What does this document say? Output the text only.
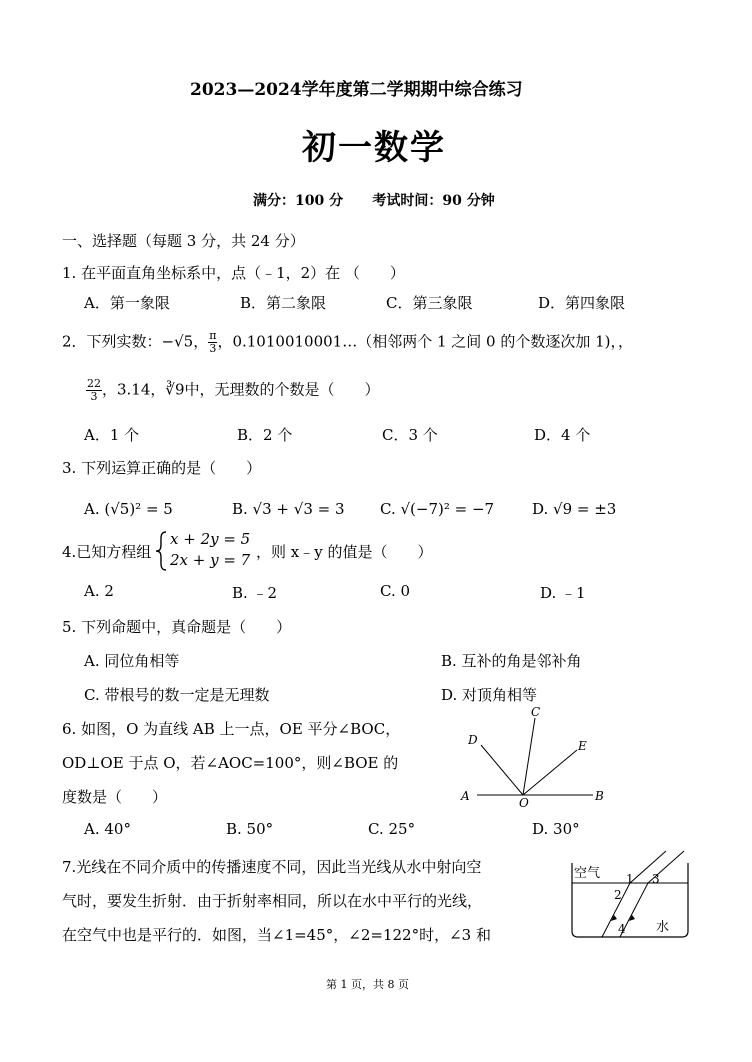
2023—2024学年度第二学期期中综合练习
初一数学
满分：100 分      考试时间：90 分钟
一、选择题（每题 3 分，共 24 分）
1. 在平面直角坐标系中，点（﹣1，2）在 （　　）
A．第一象限	B．第二象限	C．第三象限	D．第四象限
2．下列实数：−√5， $\frac{\pi}{3}$ ，0.1010010001…（相邻两个 1 之间 0 的个数逐次加 1)，，
$\frac{22}{3}$ ，3.14，∛9中，无理数的个数是（　　）
A．1 个	B．2 个	C．3 个	D．4 个
3. 下列运算正确的是（　　）
A. (√5)² = 5	B. √3 + √3 = 3 C. √(−7)² = −7	D. √9 = ±3
4.已知方程组
x + 2y = 5
2x + y = 7 ，则 x﹣y 的值是（　　）
A. 2	B. ﹣2	C. 0	D. ﹣1
5. 下列命题中，真命题是（　　）
A. 同位角相等	B. 互补的角是邻补角
C. 带根号的数一定是无理数	D. 对顶角相等
6. 如图，O 为直线 AB 上一点，OE 平分∠BOC，
OD⊥OE 于点 O，若∠AOC=100°，则∠BOE 的
度数是（　　）
A. 40°	B. 50°	C. 25°	D. 30°
A	B
C
D	E
O
7.光线在不同介质中的传播速度不同，因此当光线从水中射向空
气时，要发生折射．由于折射率相同，所以在水中平行的光线，
在空气中也是平行的．如图，当∠1=45°，∠2=122°时，∠3 和
空气
水
1
2
3
4
第 1 页，共 8 页
